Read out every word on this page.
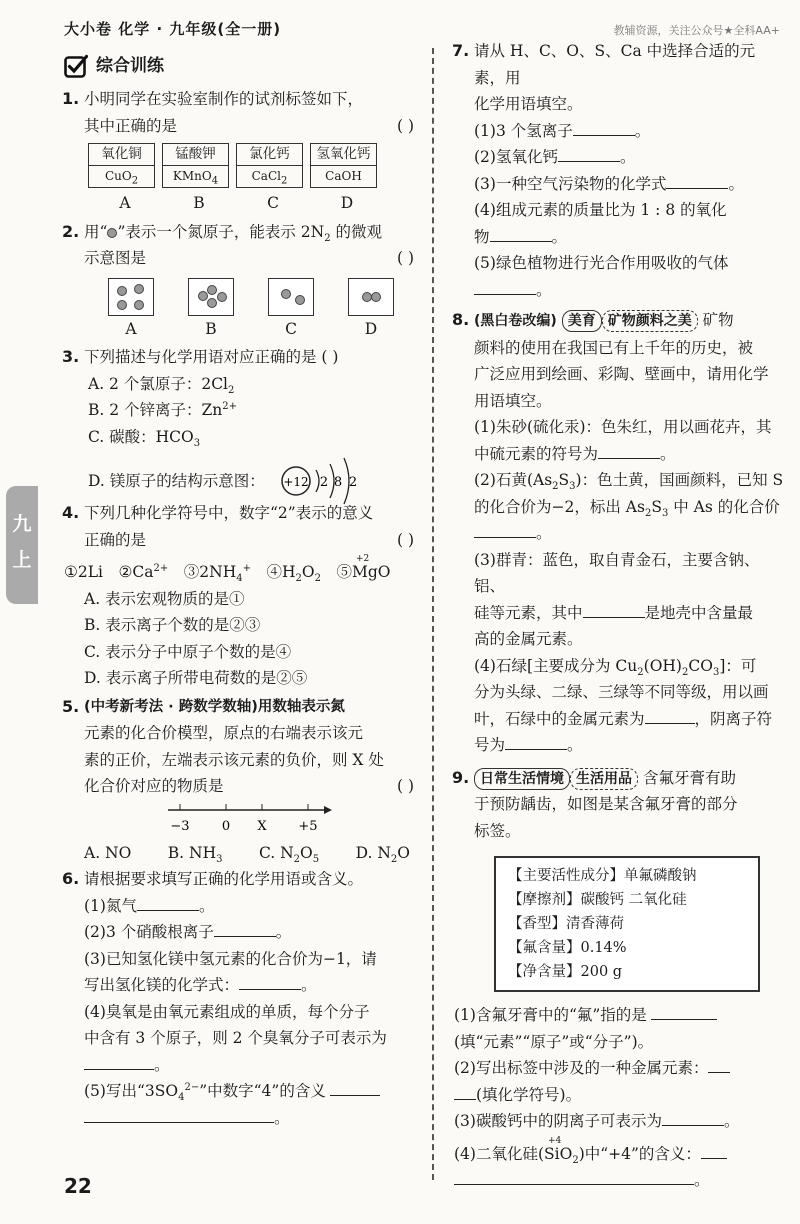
大小卷 化学 · 九年级(全一册)	教辅资源，关注公众号★全科AA+
九
上
综合训练
1. 小明同学在实验室制作的试剂标签如下，
其中正确的是	( )
氧化铜
CuO$_2$
锰酸钾
KMnO$_4$
氯化钙
CaCl$_2$
氢氧化钙
CaOH
A	B	C	D
2. 用“ ”表示一个氮原子，能表示 $2N_2$ 的微观
示意图是	( )
A	B	C	D
3. 下列描述与化学用语对应正确的是 ( )
A. 2 个氯原子：$2Cl_2$
B. 2 个锌离子：$Zn^{2+}$
C. 碳酸：$HCO_3$
D. 镁原子的结构示意图： +12 2 8 2
4. 下列几种化学符号中，数字“2”表示的意义
正确的是	( )
①2Li　$②Ca^{2+}$　$③2NH_4^+$　$④H_2O_2$　⑤
+2
MgO
A. 表示宏观物质的是①
B. 表示离子个数的是②③
C. 表示分子中原子个数的是④
D. 表示离子所带电荷数的是②⑤
5. (中考新考法 · 跨数学数轴)用数轴表示氮
元素的化合价模型，原点的右端表示该元
素的正价，左端表示该元素的负价，则 X 处
化合价对应的物质是	( )
−3 0 X +5
A. NO B. $NH_3$ C. $N_2O_5$ D. $N_2O$
6. 请根据要求填写正确的化学用语或含义。
(1)氮气	。
(2)3 个硝酸根离子	。
(3)已知氢化镁中氢元素的化合价为−1，请
写出氢化镁的化学式：	。
(4)臭氧是由氧元素组成的单质，每个分子
中含有 3 个原子，则 2 个臭氧分子可表示为
。
(5)写出“$3SO_4^{2-}$”中数字“4”的含义
。
7. 请从 H、C、O、S、Ca 中选择合适的元素，用
化学用语填空。
(1)3 个氢离子	。
(2)氢氧化钙	。
(3)一种空气污染物的化学式	。
(4)组成元素的质量比为 1 : 8 的氧化
物	。
(5)绿色植物进行光合作用吸收的气体
。
8. (黑白卷改编) 美育 矿物颜料之美 矿物
颜料的使用在我国已有上千年的历史，被
广泛应用到绘画、彩陶、壁画中，请用化学
用语填空。
(1)朱砂(硫化汞)：色朱红，用以画花卉，其
中硫元素的符号为	。
(2)石黄$(As_2S_3)$：色土黄，国画颜料，已知 S
的化合价为−2，标出 $As_2S_3$ 中 As 的化合价
。
(3)群青：蓝色，取自青金石，主要含钠、铝、
硅等元素，其中	是地壳中含量最
高的金属元素。
(4)石绿[主要成分为 $Cu_2(OH)_2CO_3$]：可
分为头绿、二绿、三绿等不同等级，用以画
叶，石绿中的金属元素为	，阴离子符
号为	。
9. 日常生活情境 生活用品 含氟牙膏有助
于预防龋齿，如图是某含氟牙膏的部分
标签。
【主要活性成分】单氟磷酸钠
【摩擦剂】碳酸钙 二氧化硅
【香型】清香薄荷
【氟含量】0.14%
【净含量】200 g
(1)含氟牙膏中的“氟”指的是
(填“元素”“原子”或“分子”)。
(2)写出标签中涉及的一种金属元素：
(填化学符号)。
(3)碳酸钙中的阴离子可表示为	。
(4)二氧化硅(
+4
SiO$_2$)中“+4”的含义：
。
22
